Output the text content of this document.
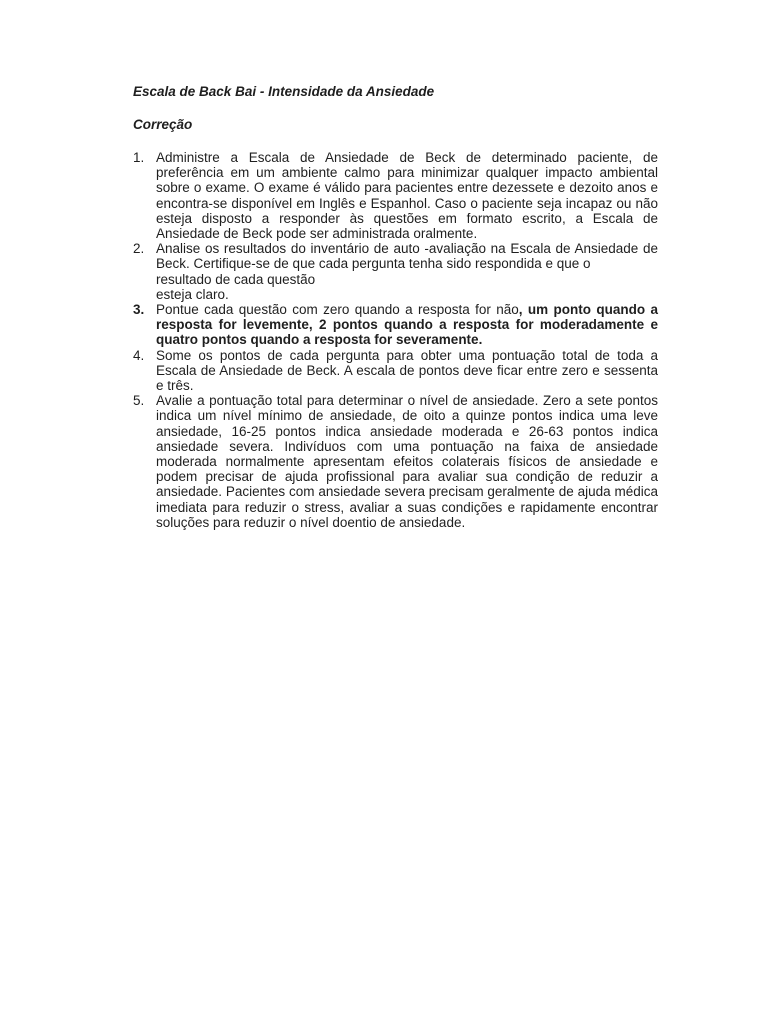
Escala de Back Bai - Intensidade da Ansiedade

Correção

1. Administre a Escala de Ansiedade de Beck de determinado paciente, de preferência em um ambiente calmo para minimizar qualquer impacto ambiental sobre o exame. O exame é válido para pacientes entre dezessete e dezoito anos e encontra-se disponível em Inglês e Espanhol. Caso o paciente seja incapaz ou não esteja disposto a responder às questões em formato escrito, a Escala de Ansiedade de Beck pode ser administrada oralmente.
2. Analise os resultados do inventário de auto -avaliação na Escala de Ansiedade de Beck. Certifique-se de que cada pergunta tenha sido respondida e que o
resultado de cada questão
esteja claro.
3. Pontue cada questão com zero quando a resposta for não, um ponto quando a resposta for levemente, 2 pontos quando a resposta for moderadamente e quatro pontos quando a resposta for severamente.
4. Some os pontos de cada pergunta para obter uma pontuação total de toda a Escala de Ansiedade de Beck. A escala de pontos deve ficar entre zero e sessenta e três.
5. Avalie a pontuação total para determinar o nível de ansiedade. Zero a sete pontos indica um nível mínimo de ansiedade, de oito a quinze pontos indica uma leve ansiedade, 16-25 pontos indica ansiedade moderada e 26-63 pontos indica ansiedade severa. Indivíduos com uma pontuação na faixa de ansiedade moderada normalmente apresentam efeitos colaterais físicos de ansiedade e podem precisar de ajuda profissional para avaliar sua condição de reduzir a ansiedade. Pacientes com ansiedade severa precisam geralmente de ajuda médica imediata para reduzir o stress, avaliar a suas condições e rapidamente encontrar soluções para reduzir o nível doentio de ansiedade.
